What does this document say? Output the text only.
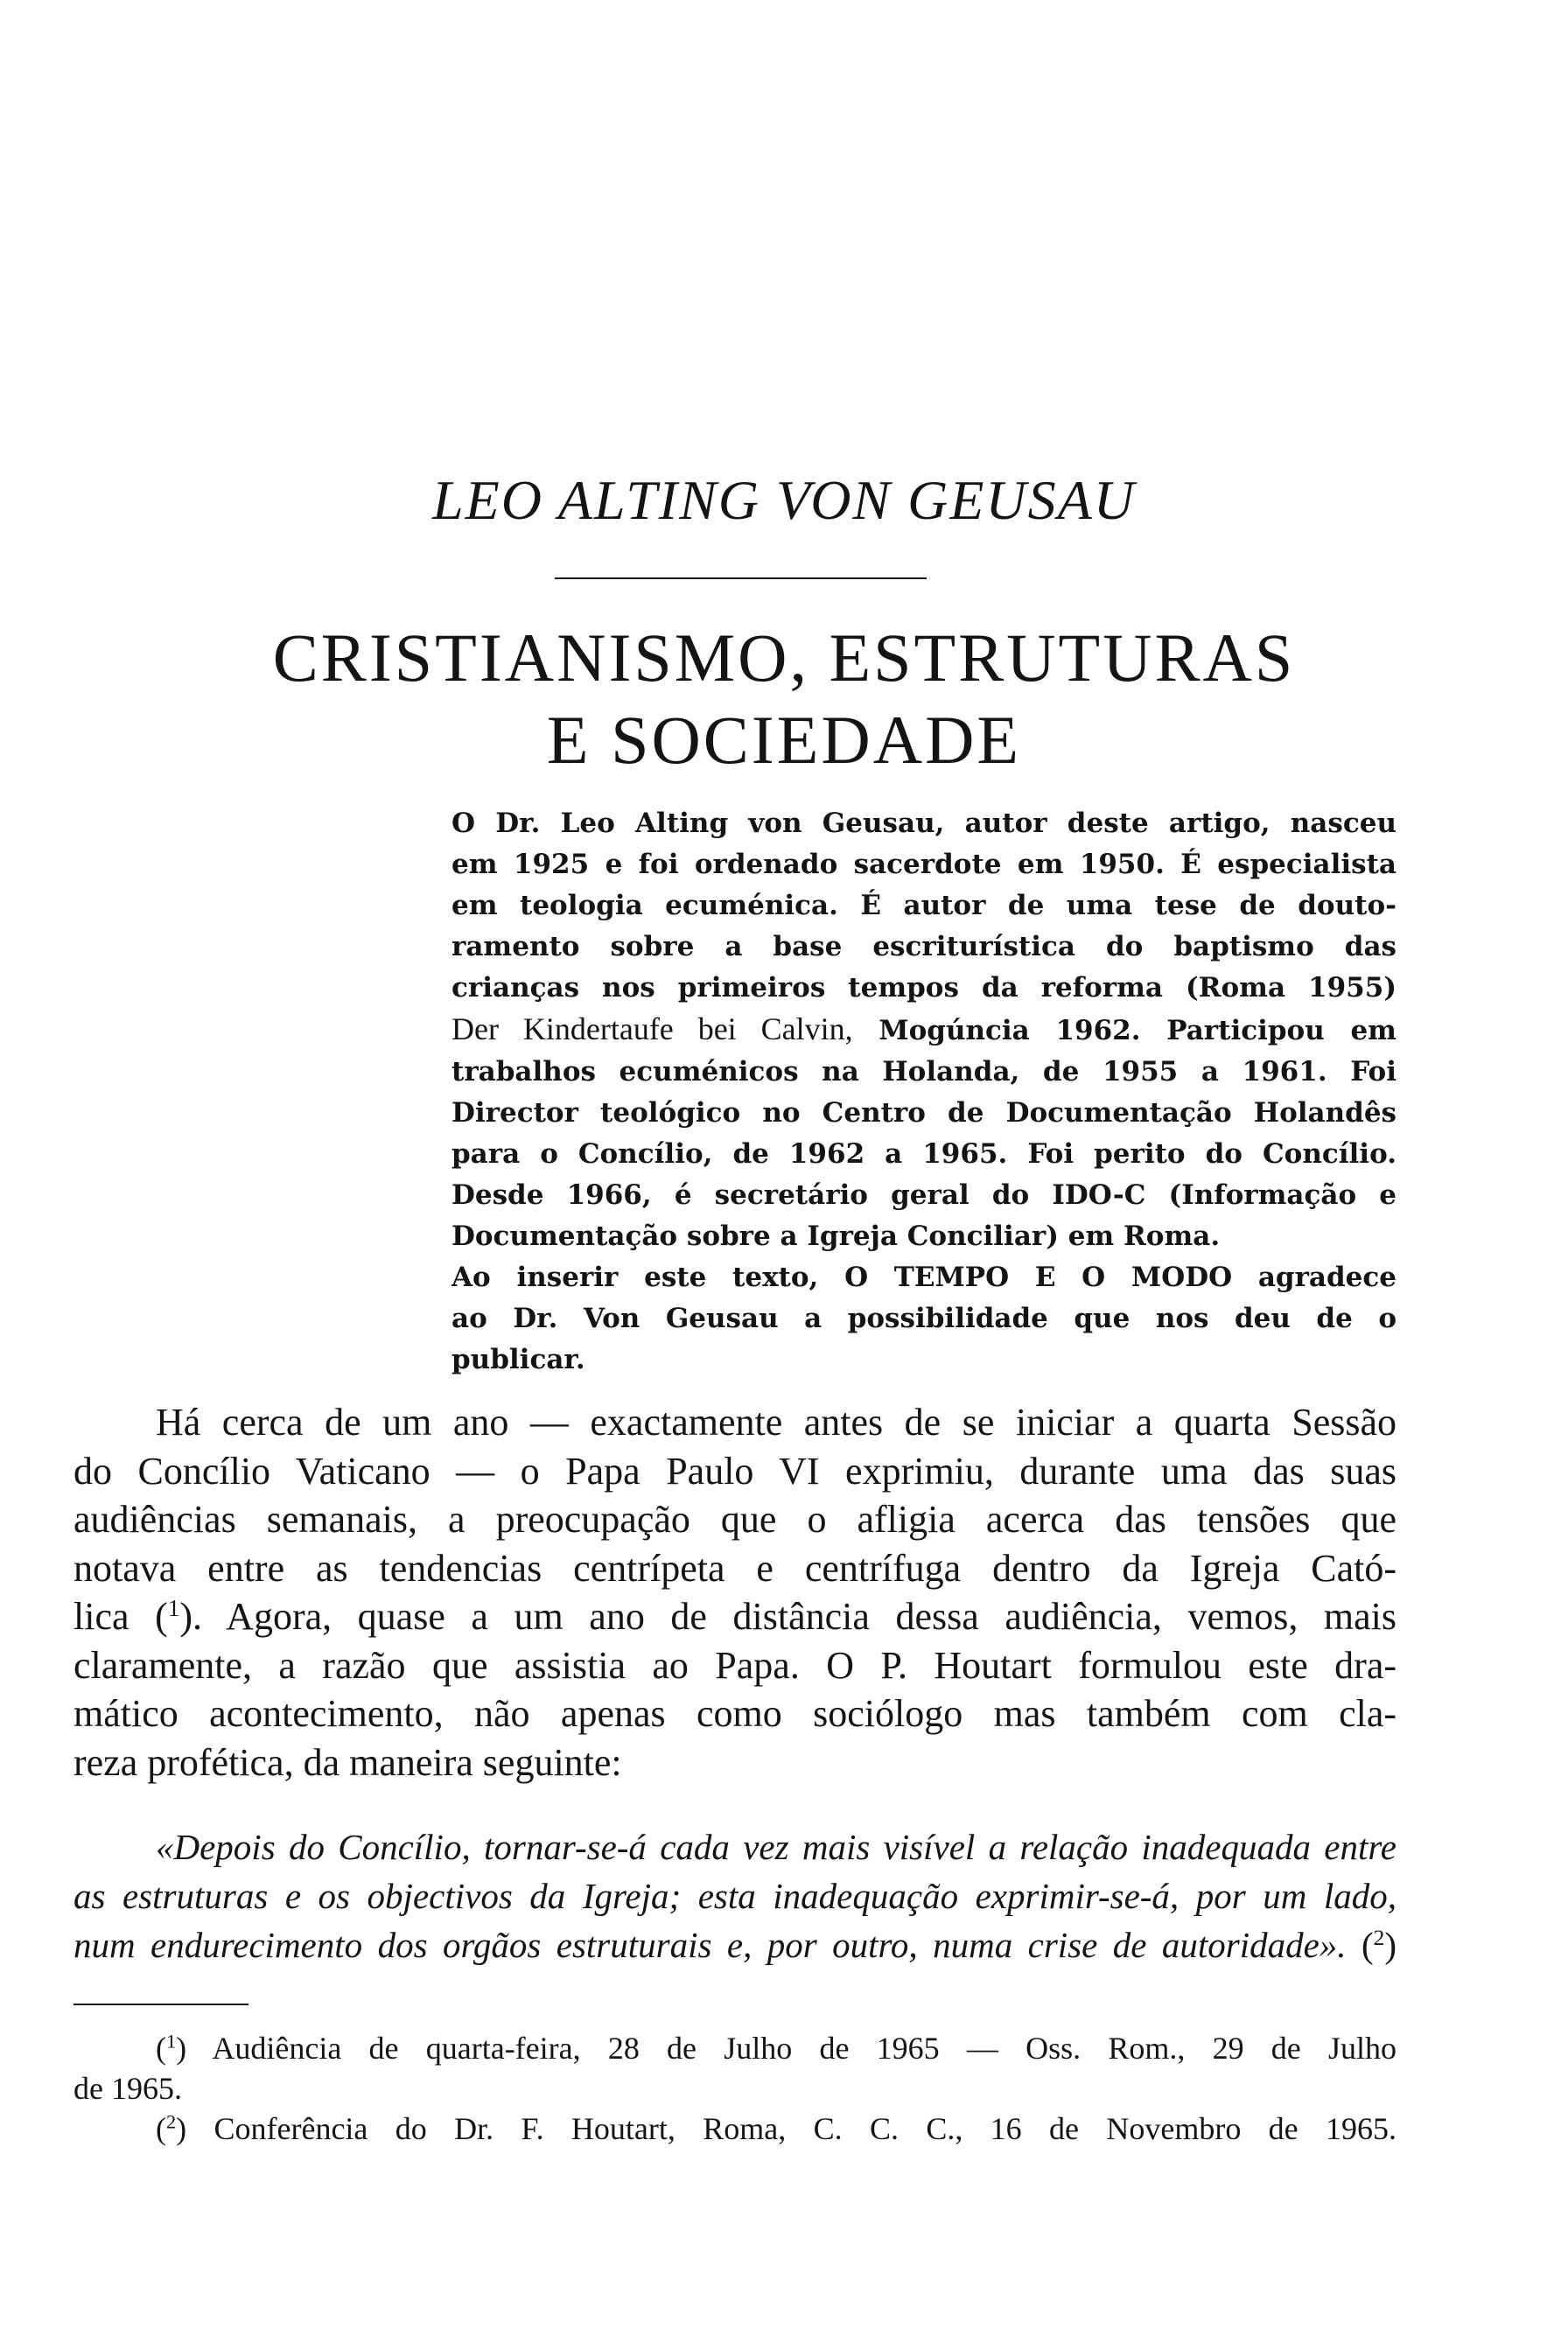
LEO ALTING VON GEUSAU
CRISTIANISMO, ESTRUTURAS
E SOCIEDADE
O Dr. Leo Alting von Geusau, autor deste artigo, nasceu
em 1925 e foi ordenado sacerdote em 1950. É especialista
em teologia ecuménica. É autor de uma tese de douto-
ramento sobre a base escriturística do baptismo das
crianças nos primeiros tempos da reforma (Roma 1955)
Der Kindertaufe bei Calvin, Mogúncia 1962. Participou em
trabalhos ecuménicos na Holanda, de 1955 a 1961. Foi
Director teológico no Centro de Documentação Holandês
para o Concílio, de 1962 a 1965. Foi perito do Concílio.
Desde 1966, é secretário geral do IDO-C (Informação e
Documentação sobre a Igreja Conciliar) em Roma.
Ao inserir este texto, O TEMPO E O MODO agradece
ao Dr. Von Geusau a possibilidade que nos deu de o
publicar.
Há cerca de um ano — exactamente antes de se iniciar a quarta Sessão
do Concílio Vaticano — o Papa Paulo VI exprimiu, durante uma das suas
audiências semanais, a preocupação que o afligia acerca das tensões que
notava entre as tendencias centrípeta e centrífuga dentro da Igreja Cató-
lica ($^1$). Agora, quase a um ano de distância dessa audiência, vemos, mais
claramente, a razão que assistia ao Papa. O P. Houtart formulou este dra-
mático acontecimento, não apenas como sociólogo mas também com cla-
reza profética, da maneira seguinte:
«Depois do Concílio, tornar-se-á cada vez mais visível a relação inadequada entre
as estruturas e os objectivos da Igreja; esta inadequação exprimir-se-á, por um lado,
num endurecimento dos orgãos estruturais e, por outro, numa crise de autoridade». ($^2$)
($^1$) Audiência de quarta-feira, 28 de Julho de 1965 — Oss. Rom., 29 de Julho
de 1965.
($^2$) Conferência do Dr. F. Houtart, Roma, C. C. C., 16 de Novembro de 1965.
